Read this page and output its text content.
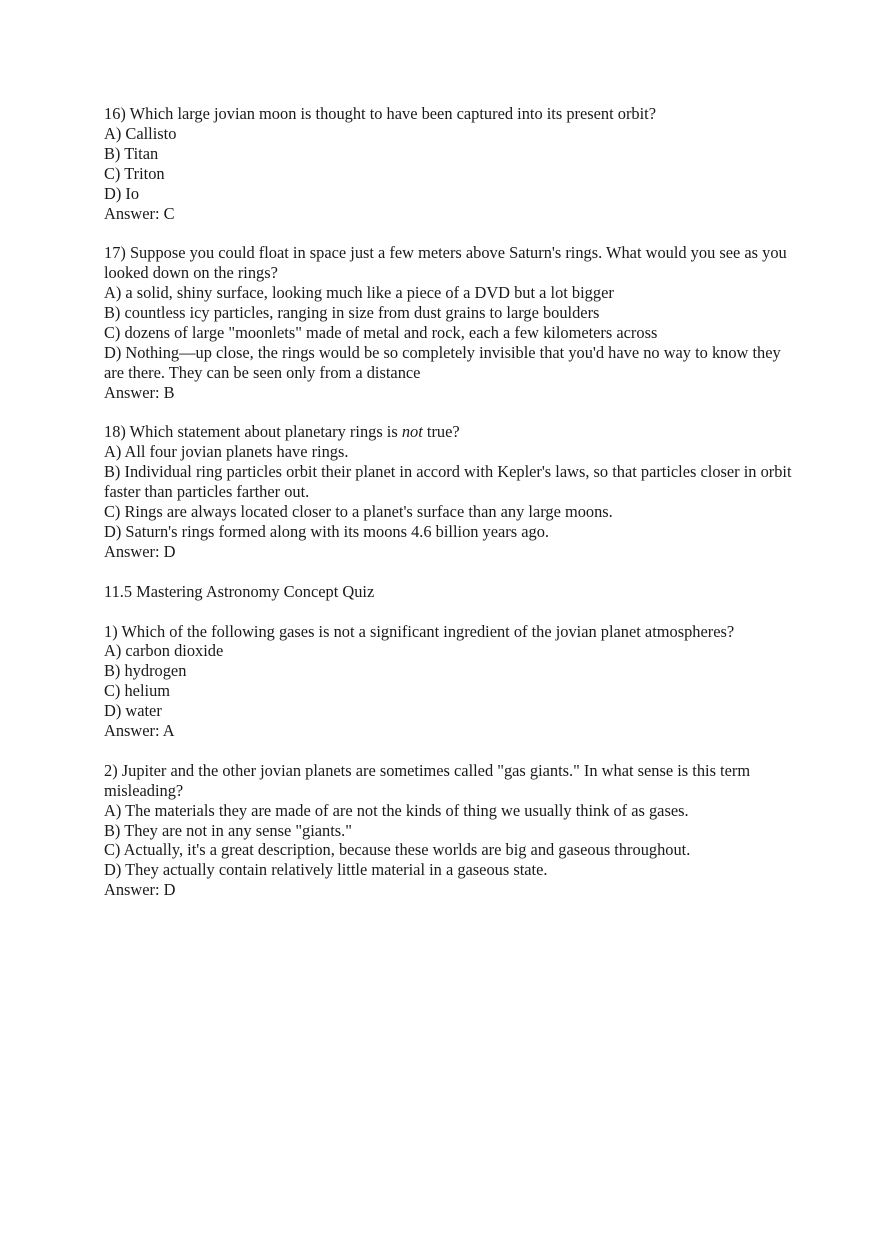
16) Which large jovian moon is thought to have been captured into its present orbit?
A) Callisto
B) Titan
C) Triton
D) Io
Answer: C
17) Suppose you could float in space just a few meters above Saturn's rings. What would you see as you looked down on the rings?
A) a solid, shiny surface, looking much like a piece of a DVD but a lot bigger
B) countless icy particles, ranging in size from dust grains to large boulders
C) dozens of large "moonlets" made of metal and rock, each a few kilometers across
D) Nothing—up close, the rings would be so completely invisible that you'd have no way to know they are there. They can be seen only from a distance
Answer: B
18) Which statement about planetary rings is not true?
A) All four jovian planets have rings.
B) Individual ring particles orbit their planet in accord with Kepler's laws, so that particles closer in orbit faster than particles farther out.
C) Rings are always located closer to a planet's surface than any large moons.
D) Saturn's rings formed along with its moons 4.6 billion years ago.
Answer: D
11.5 Mastering Astronomy Concept Quiz
1) Which of the following gases is not a significant ingredient of the jovian planet atmospheres?
A) carbon dioxide
B) hydrogen
C) helium
D) water
Answer: A
2) Jupiter and the other jovian planets are sometimes called "gas giants." In what sense is this term misleading?
A) The materials they are made of are not the kinds of thing we usually think of as gases.
B) They are not in any sense "giants."
C) Actually, it's a great description, because these worlds are big and gaseous throughout.
D) They actually contain relatively little material in a gaseous state.
Answer: D
